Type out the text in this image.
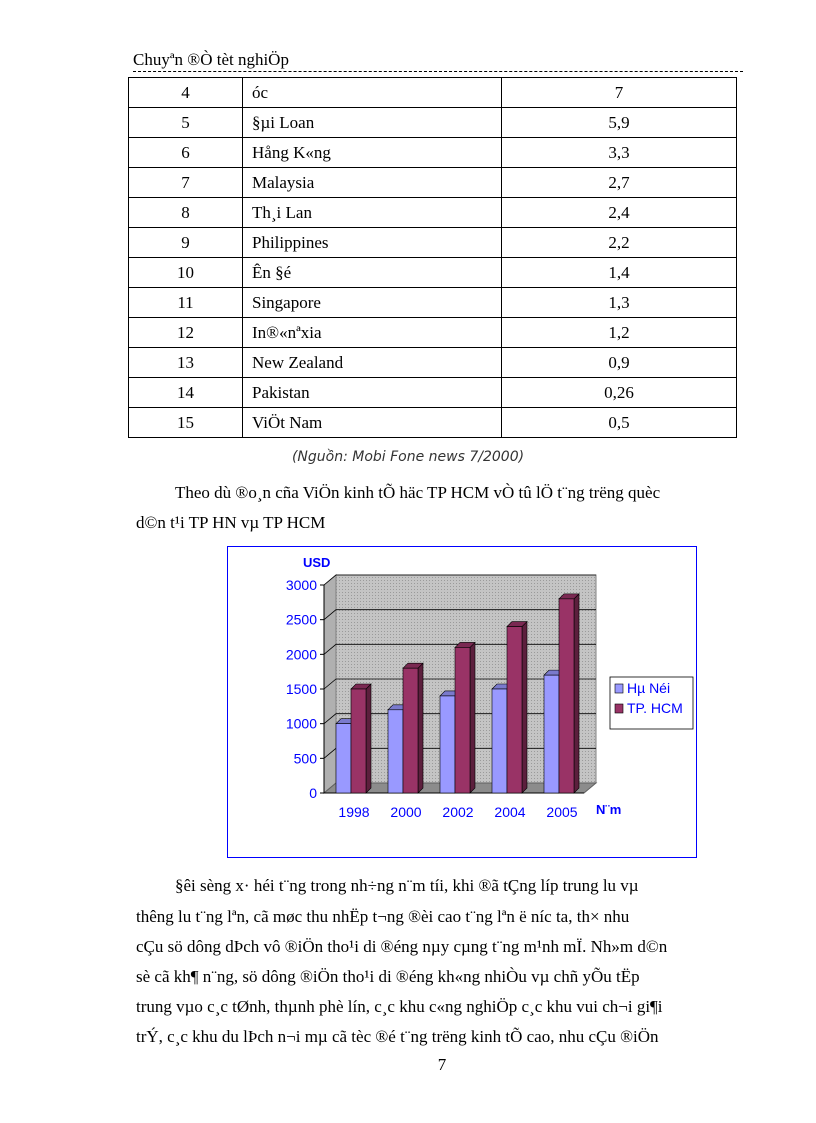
Chuyªn ®Ò tèt nghiÖp
4	óc	7
5	§µi Loan	5,9
6	Hång K«ng	3,3
7	Malaysia	2,7
8	Th¸i Lan	2,4
9	Philippines	2,2
10	Ên §é	1,4
11	Singapore	1,3
12	In®«nªxia	1,2
13	New Zealand	0,9
14	Pakistan	0,26
15	ViÖt Nam	0,5
(Nguồn: Mobi Fone news 7/2000)
Theo dù ®o¸n cña ViÖn kinh tÕ häc TP HCM vÒ tû lÖ t¨ng trëng quèc
d©n t¹i TP HN vµ TP HCM
0
500
1000
1500
2000
2500
3000
USD
1998 2000 2002 2004 2005 N¨m
Hµ Néi
TP. HCM
§êi sèng x· héi t¨ng trong nh÷ng n¨m tíi, khi ®ã tÇng líp trung lu vµ
thêng lu t¨ng lªn, cã møc thu nhËp t¬ng ®èi cao t¨ng lªn ë níc ta, th× nhu
cÇu sö dông dÞch vô ®iÖn tho¹i di ®éng nµy cµng t¨ng m¹nh mÏ. Nh»m d©n
sè cã kh¶ n¨ng, sö dông ®iÖn tho¹i di ®éng kh«ng nhiÒu vµ chñ yÕu tËp
trung vµo c¸c tØnh, thµnh phè lín, c¸c khu c«ng nghiÖp c¸c khu vui ch¬i gi¶i
trÝ, c¸c khu du lÞch n¬i mµ cã tèc ®é t¨ng trëng kinh tÕ cao, nhu cÇu ®iÖn
7
